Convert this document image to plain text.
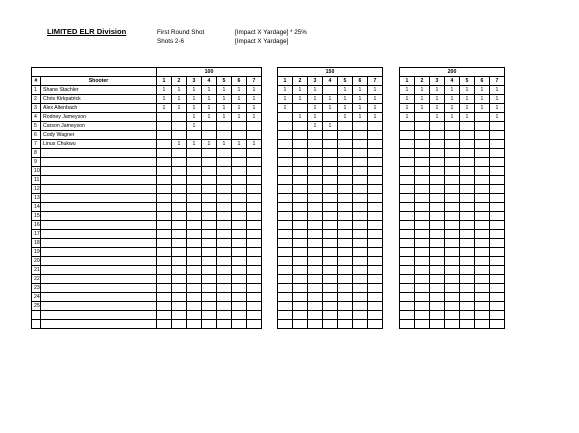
LIMITED ELR Division	First Round Shot	[Impact X Yardage] * 25%
Shots 2-6	[Impact X Yardage]
		100								150								200						
#	Shooter	1	2	3	4	5	6	7		1	2	3	4	5	6	7		1	2	3	4	5	6	7
1	Shane Stachler	1	1	1	1	1	1	1		1	1	1		1	1	1		1	1	1	1	1	1	1
2	Chris Kirkpatrick	1	1	1	1	1	1	1		1	1	1	1	1	1	1		1	1	1	1	1	1	1
3	Alex Altenbach	1	1	1	1	1	1	1		1		1	1	1	1	1		1	1	1	1	1	1	1
4	Rodney Jameyson			1	1	1	1	1			1	1		1	1	1		1		1	1	1		1
5	Carson Jameyson			1								1	1											
6	Cody Wagner																							
7	Linus Chukwu		1	1	1	1	1	1																
8																								
9																								
10																								
11																								
12																								
13																								
14																								
15																								
16																								
17																								
18																								
19																								
20																								
21																								
22																								
23																								
24																								
25																								
